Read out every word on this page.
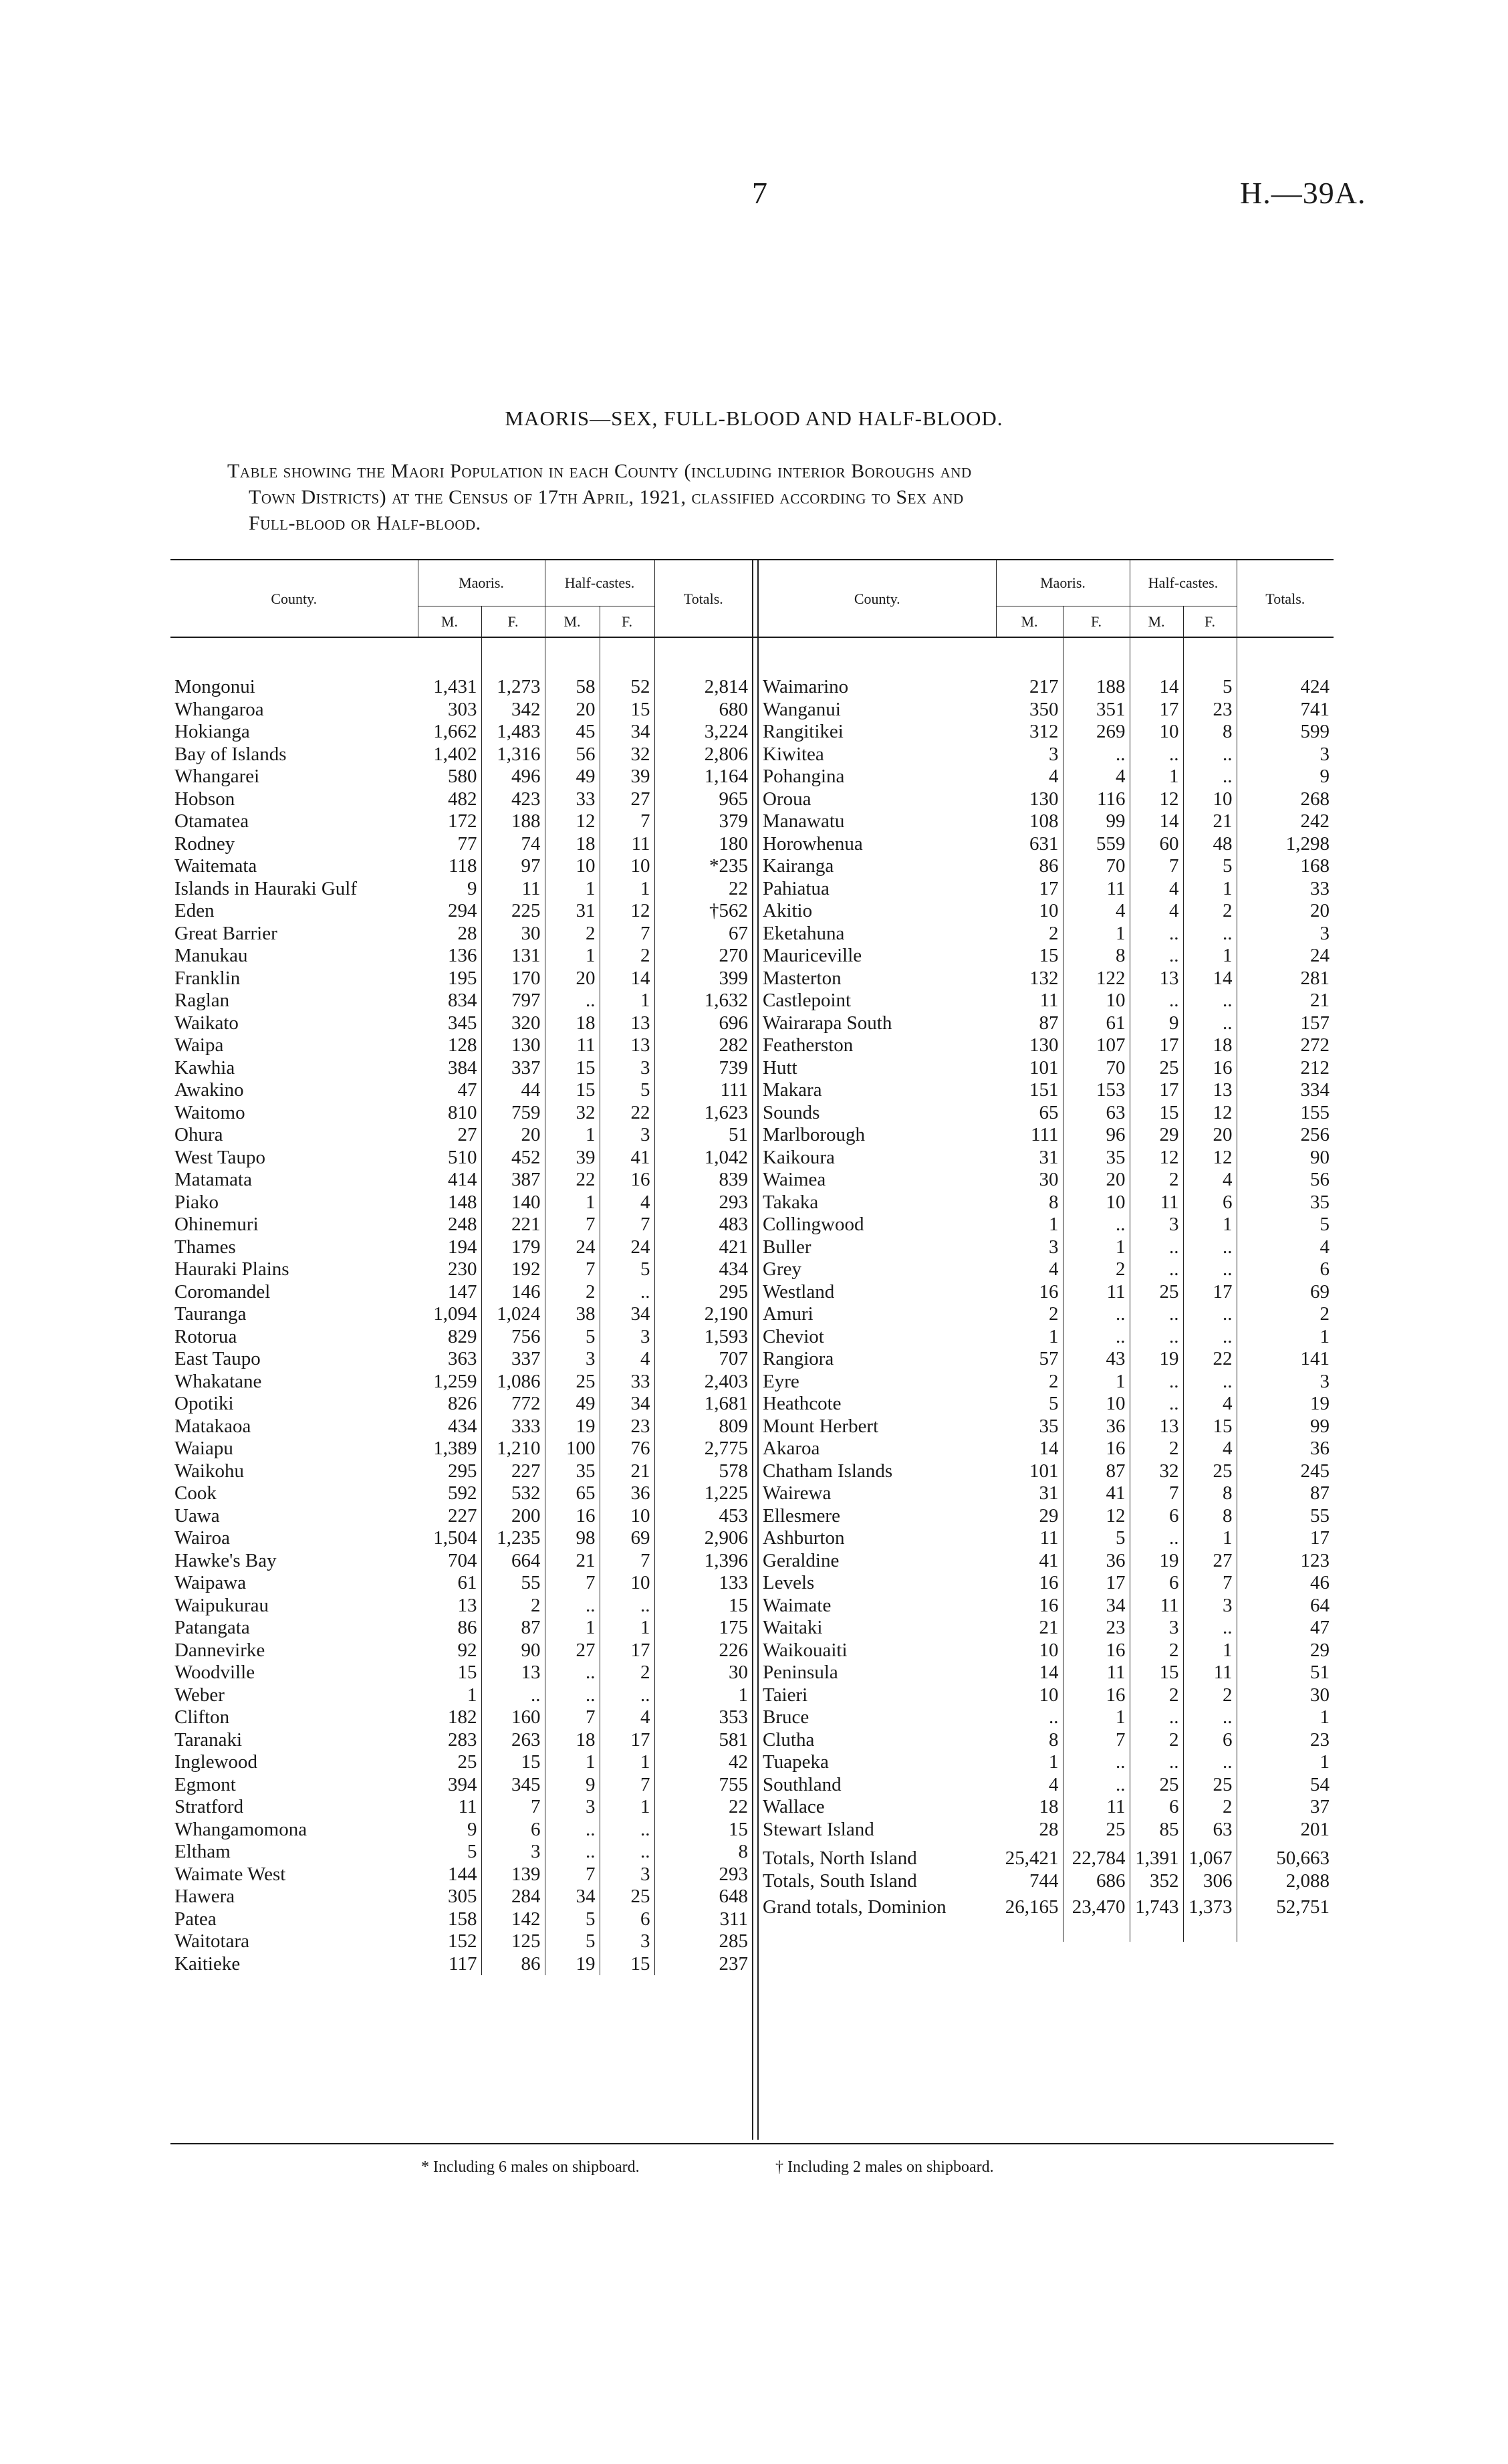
7	H.—39A.
MAORIS—SEX, FULL-BLOOD AND HALF-BLOOD.
Table showing the Maori Population in each County (including interior Boroughs and
Town Districts) at the Census of 17th April, 1921, classified according to Sex and
Full-blood or Half-blood.
County.	Maoris.		Half-castes.		Totals.
	M.	F.	M.	F.	

Mongonui	1,431	1,273	58	52	2,814
Whangaroa	303	342	20	15	680
Hokianga	1,662	1,483	45	34	3,224
Bay of Islands	1,402	1,316	56	32	2,806
Whangarei	580	496	49	39	1,164
Hobson	482	423	33	27	965
Otamatea	172	188	12	7	379
Rodney	77	74	18	11	180
Waitemata	118	97	10	10	*235
Islands in Hauraki Gulf	9	11	1	1	22
Eden	294	225	31	12	†562
Great Barrier	28	30	2	7	67
Manukau	136	131	1	2	270
Franklin	195	170	20	14	399
Raglan	834	797	..	1	1,632
Waikato	345	320	18	13	696
Waipa	128	130	11	13	282
Kawhia	384	337	15	3	739
Awakino	47	44	15	5	111
Waitomo	810	759	32	22	1,623
Ohura	27	20	1	3	51
West Taupo	510	452	39	41	1,042
Matamata	414	387	22	16	839
Piako	148	140	1	4	293
Ohinemuri	248	221	7	7	483
Thames	194	179	24	24	421
Hauraki Plains	230	192	7	5	434
Coromandel	147	146	2	..	295
Tauranga	1,094	1,024	38	34	2,190
Rotorua	829	756	5	3	1,593
East Taupo	363	337	3	4	707
Whakatane	1,259	1,086	25	33	2,403
Opotiki	826	772	49	34	1,681
Matakaoa	434	333	19	23	809
Waiapu	1,389	1,210	100	76	2,775
Waikohu	295	227	35	21	578
Cook	592	532	65	36	1,225
Uawa	227	200	16	10	453
Wairoa	1,504	1,235	98	69	2,906
Hawke's Bay	704	664	21	7	1,396
Waipawa	61	55	7	10	133
Waipukurau	13	2	..	..	15
Patangata	86	87	1	1	175
Dannevirke	92	90	27	17	226
Woodville	15	13	..	2	30
Weber	1	..	..	..	1
Clifton	182	160	7	4	353
Taranaki	283	263	18	17	581
Inglewood	25	15	1	1	42
Egmont	394	345	9	7	755
Stratford	11	7	3	1	22
Whangamomona	9	6	..	..	15
Eltham	5	3	..	..	8
Waimate West	144	139	7	3	293
Hawera	305	284	34	25	648
Patea	158	142	5	6	311
Waitotara	152	125	5	3	285
Kaitieke	117	86	19	15	237
County.	Maoris.		Half-castes.		Totals.
	M.	F.	M.	F.	

Waimarino	217	188	14	5	424
Wanganui	350	351	17	23	741
Rangitikei	312	269	10	8	599
Kiwitea	3	..	..	..	3
Pohangina	4	4	1	..	9
Oroua	130	116	12	10	268
Manawatu	108	99	14	21	242
Horowhenua	631	559	60	48	1,298
Kairanga	86	70	7	5	168
Pahiatua	17	11	4	1	33
Akitio	10	4	4	2	20
Eketahuna	2	1	..	..	3
Mauriceville	15	8	..	1	24
Masterton	132	122	13	14	281
Castlepoint	11	10	..	..	21
Wairarapa South	87	61	9	..	157
Featherston	130	107	17	18	272
Hutt	101	70	25	16	212
Makara	151	153	17	13	334
Sounds	65	63	15	12	155
Marlborough	111	96	29	20	256
Kaikoura	31	35	12	12	90
Waimea	30	20	2	4	56
Takaka	8	10	11	6	35
Collingwood	1	..	3	1	5
Buller	3	1	..	..	4
Grey	4	2	..	..	6
Westland	16	11	25	17	69
Amuri	2	..	..	..	2
Cheviot	1	..	..	..	1
Rangiora	57	43	19	22	141
Eyre	2	1	..	..	3
Heathcote	5	10	..	4	19
Mount Herbert	35	36	13	15	99
Akaroa	14	16	2	4	36
Chatham Islands	101	87	32	25	245
Wairewa	31	41	7	8	87
Ellesmere	29	12	6	8	55
Ashburton	11	5	..	1	17
Geraldine	41	36	19	27	123
Levels	16	17	6	7	46
Waimate	16	34	11	3	64
Waitaki	21	23	3	..	47
Waikouaiti	10	16	2	1	29
Peninsula	14	11	15	11	51
Taieri	10	16	2	2	30
Bruce	..	1	..	..	1
Clutha	8	7	2	6	23
Tuapeka	1	..	..	..	1
Southland	4	..	25	25	54
Wallace	18	11	6	2	37
Stewart Island	28	25	85	63	201
Totals, North Island	25,421	22,784	1,391	1,067	50,663
Totals, South Island	744	686	352	306	2,088
Grand totals, Dominion	26,165	23,470	1,743	1,373	52,751
* Including 6 males on shipboard.	† Including 2 males on shipboard.
